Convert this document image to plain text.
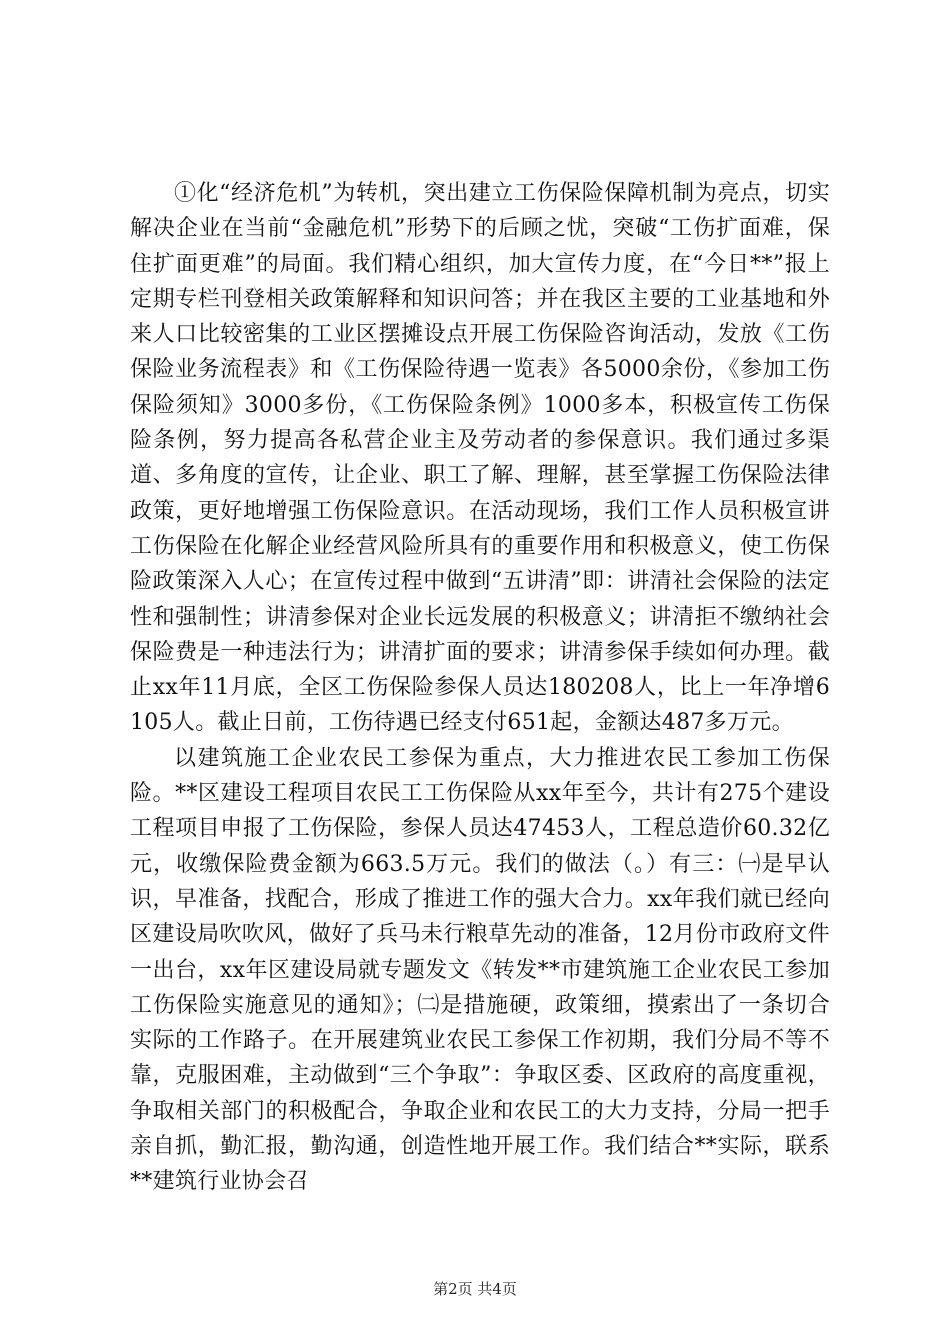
①化“经济危机”为转机，突出建立工伤保险保障机制为亮点，切实解决企业在当前“金融危机”形势下的后顾之忧，突破“工伤扩面难，保住扩面更难”的局面。我们精心组织，加大宣传力度，在“今日**”报上定期专栏刊登相关政策解释和知识问答；并在我区主要的工业基地和外来人口比较密集的工业区摆摊设点开展工伤保险咨询活动，发放《工伤保险业务流程表》和《工伤保险待遇一览表》各5000余份，《参加工伤保险须知》3000多份，《工伤保险条例》1000多本，积极宣传工伤保险条例，努力提高各私营企业主及劳动者的参保意识。我们通过多渠道、多角度的宣传，让企业、职工了解、理解，甚至掌握工伤保险法律政策，更好地增强工伤保险意识。在活动现场，我们工作人员积极宣讲工伤保险在化解企业经营风险所具有的重要作用和积极意义，使工伤保险政策深入人心；在宣传过程中做到“五讲清”即：讲清社会保险的法定性和强制性；讲清参保对企业长远发展的积极意义；讲清拒不缴纳社会保险费是一种违法行为；讲清扩面的要求；讲清参保手续如何办理。截止xx年11月底，全区工伤保险参保人员达180208人，比上一年净增6105人。截止日前，工伤待遇已经支付651起，金额达487多万元。

以建筑施工企业农民工参保为重点，大力推进农民工参加工伤保险。**区建设工程项目农民工工伤保险从xx年至今，共计有275个建设工程项目申报了工伤保险，参保人员达47453人，工程总造价60.32亿元，收缴保险费金额为663.5万元。我们的做法（。）有三：㈠是早认识，早准备，找配合，形成了推进工作的强大合力。xx年我们就已经向区建设局吹吹风，做好了兵马未行粮草先动的准备，12月份市政府文件一出台，xx年区建设局就专题发文《转发**市建筑施工企业农民工参加工伤保险实施意见的通知》；㈡是措施硬，政策细，摸索出了一条切合实际的工作路子。在开展建筑业农民工参保工作初期，我们分局不等不靠，克服困难，主动做到“三个争取”：争取区委、区政府的高度重视，争取相关部门的积极配合，争取企业和农民工的大力支持，分局一把手亲自抓，勤汇报，勤沟通，创造性地开展工作。我们结合**实际，联系**建筑行业协会召

第2页 共4页
